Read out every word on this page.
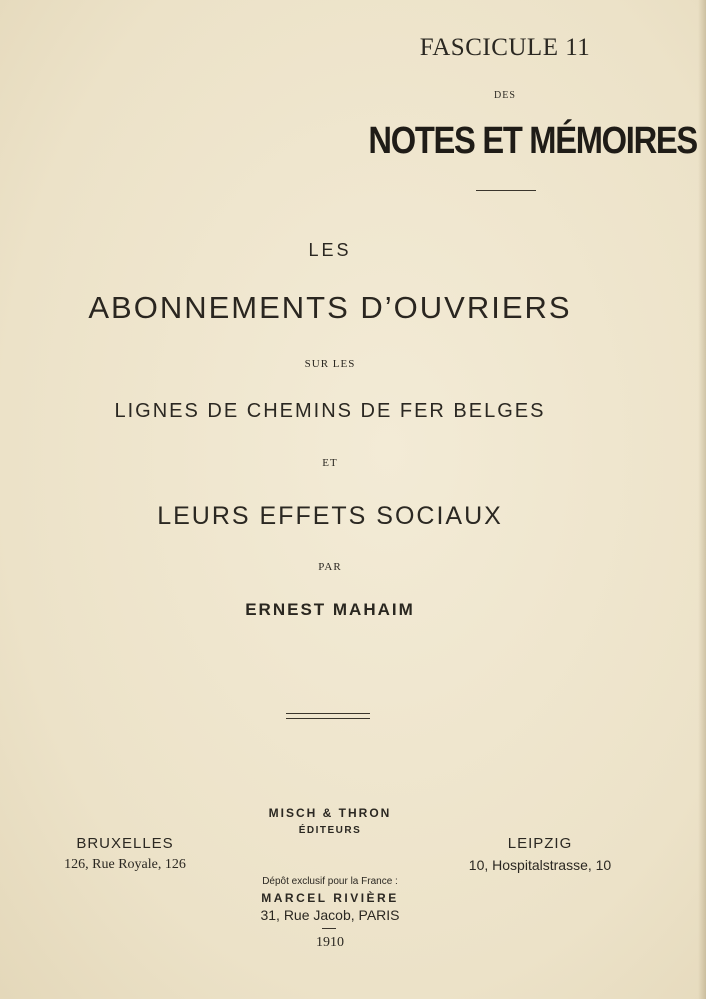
FASCICULE 11
DES
NOTES ET MÉMOIRES
LES
ABONNEMENTS D’OUVRIERS
SUR LES
LIGNES DE CHEMINS DE FER BELGES
ET
LEURS EFFETS SOCIAUX
PAR
ERNEST MAHAIM
MISCH & THRON
ÉDITEURS
BRUXELLES
126, Rue Royale, 126
LEIPZIG
10, Hospitalstrasse, 10
Dépôt exclusif pour la France :
MARCEL RIVIÈRE
31, Rue Jacob, PARIS
1910
